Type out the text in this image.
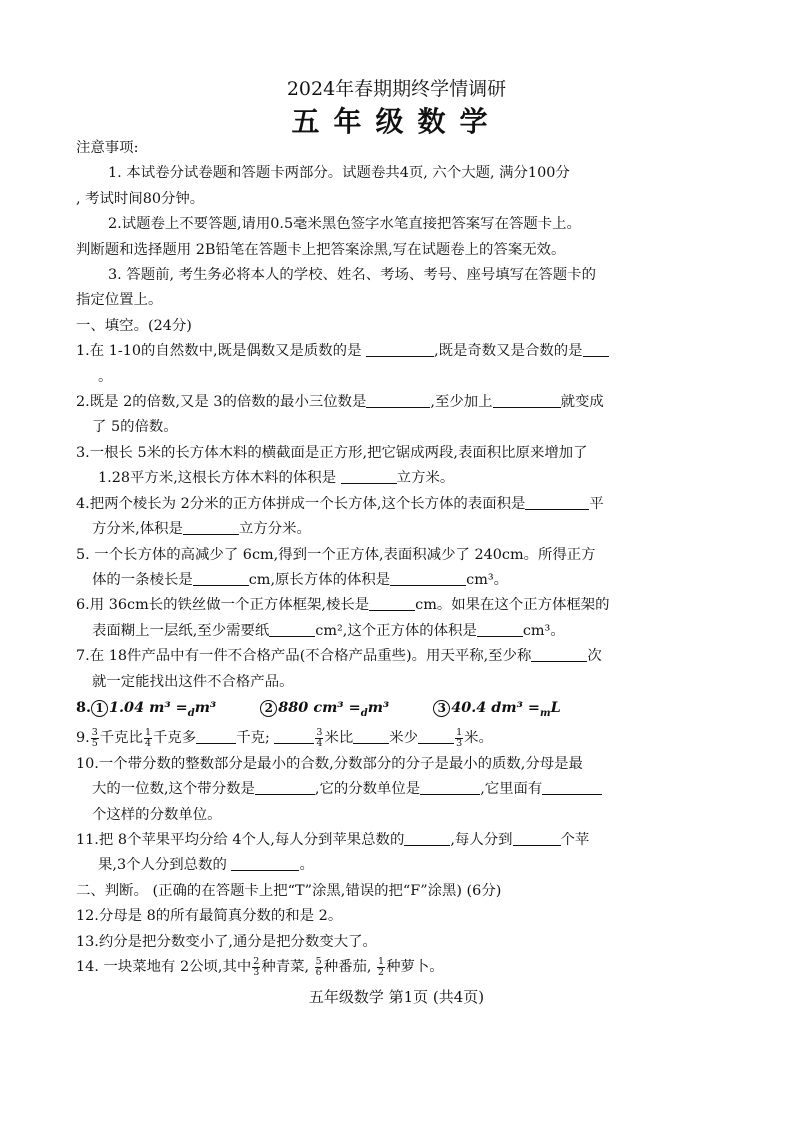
2024年春期期终学情调研
五年级数学

注意事项:

1. 本试卷分试卷题和答题卡两部分。试题卷共4页, 六个大题, 满分100分

, 考试时间80分钟。

2.试题卷上不要答题,请用0.5毫米黑色签字水笔直接把答案写在答题卡上。

判断题和选择题用 2B铅笔在答题卡上把答案涂黑,写在试题卷上的答案无效。

3. 答题前, 考生务必将本人的学校、姓名、考场、考号、座号填写在答题卡的

指定位置上。

一、填空。(24分)

1.在 1-10的自然数中,既是偶数又是质数的是	,既是奇数又是合数的是

。

2.既是 2的倍数,又是 3的倍数的最小三位数是	,至少加上	就变成

了 5的倍数。

3.一根长 5米的长方体木料的横截面是正方形,把它锯成两段,表面积比原来增加了

1.28平方米,这根长方体木料的体积是	立方米。

4.把两个棱长为 2分米的正方体拼成一个长方体,这个长方体的表面积是	平

方分米,体积是	立方分米。

5. 一个长方体的高减少了 6cm,得到一个正方体,表面积减少了 240cm。所得正方

体的一条棱长是	cm,原长方体的体积是	cm³。

6.用 36cm长的铁丝做一个正方体框架,棱长是	cm。如果在这个正方体框架的

表面糊上一层纸,至少需要纸	cm²,这个正方体的体积是	cm³。

7.在 18件产品中有一件不合格产品(不合格产品重些)。用天平称,至少称	次

就一定能找出这件不合格产品。

8. 1 1.04 $m^3 =_dm^3$	2 880 $cm^3 =_dm^3$	3 40.4 $dm^3 =_mL$

9. $\frac{3}{5}$ 千克比 $\frac{1}{4}$ 千克多	千克;	$\frac{3}{4}$ 米比	米少	$\frac{1}{3}$ 米。

10.一个带分数的整数部分是最小的合数,分数部分的分子是最小的质数,分母是最

大的一位数,这个带分数是	,它的分数单位是	,它里面有

个这样的分数单位。

11.把 8个苹果平均分给 4个人,每人分到苹果总数的	,每人分到	个苹

果,3个人分到总数的	。

二、判断。 (正确的在答题卡上把“T”涂黑,错误的把“F”涂黑) (6分)

12.分母是 8的所有最简真分数的和是 2。

13.约分是把分数变小了,通分是把分数变大了。

14. 一块菜地有 2公顷,其中 $\frac{2}{3}$ 种青菜, $\frac{5}{6}$ 种番茄, $\frac{1}{2}$ 种萝卜。

五年级数学 第1页 (共4页)
